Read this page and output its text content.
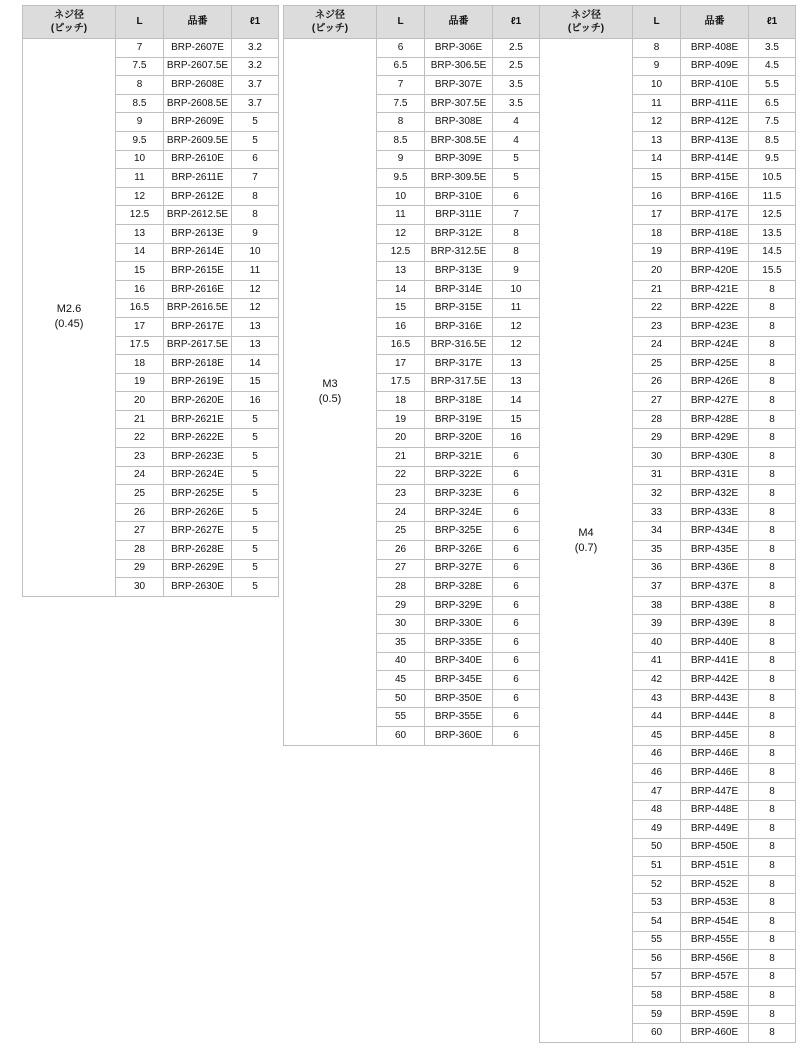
ネジ径
(ピッチ)	L	品番	ℓ1

M2.6
(0.45)	7	BRP-2607E	3.2
	7.5	BRP-2607.5E	3.2
	8	BRP-2608E	3.7
	8.5	BRP-2608.5E	3.7
	9	BRP-2609E	5
	9.5	BRP-2609.5E	5
	10	BRP-2610E	6
	11	BRP-2611E	7
	12	BRP-2612E	8
	12.5	BRP-2612.5E	8
	13	BRP-2613E	9
	14	BRP-2614E	10
	15	BRP-2615E	11
	16	BRP-2616E	12
	16.5	BRP-2616.5E	12
	17	BRP-2617E	13
	17.5	BRP-2617.5E	13
	18	BRP-2618E	14
	19	BRP-2619E	15
	20	BRP-2620E	16
	21	BRP-2621E	5
	22	BRP-2622E	5
	23	BRP-2623E	5
	24	BRP-2624E	5
	25	BRP-2625E	5
	26	BRP-2626E	5
	27	BRP-2627E	5
	28	BRP-2628E	5
	29	BRP-2629E	5
	30	BRP-2630E	5
ネジ径
(ピッチ)	L	品番	ℓ1

M3
(0.5)	6	BRP-306E	2.5
	6.5	BRP-306.5E	2.5
	7	BRP-307E	3.5
	7.5	BRP-307.5E	3.5
	8	BRP-308E	4
	8.5	BRP-308.5E	4
	9	BRP-309E	5
	9.5	BRP-309.5E	5
	10	BRP-310E	6
	11	BRP-311E	7
	12	BRP-312E	8
	12.5	BRP-312.5E	8
	13	BRP-313E	9
	14	BRP-314E	10
	15	BRP-315E	11
	16	BRP-316E	12
	16.5	BRP-316.5E	12
	17	BRP-317E	13
	17.5	BRP-317.5E	13
	18	BRP-318E	14
	19	BRP-319E	15
	20	BRP-320E	16
	21	BRP-321E	6
	22	BRP-322E	6
	23	BRP-323E	6
	24	BRP-324E	6
	25	BRP-325E	6
	26	BRP-326E	6
	27	BRP-327E	6
	28	BRP-328E	6
	29	BRP-329E	6
	30	BRP-330E	6
	35	BRP-335E	6
	40	BRP-340E	6
	45	BRP-345E	6
	50	BRP-350E	6
	55	BRP-355E	6
	60	BRP-360E	6
ネジ径
(ピッチ)	L	品番	ℓ1

M4
(0.7)	8	BRP-408E	3.5
	9	BRP-409E	4.5
	10	BRP-410E	5.5
	11	BRP-411E	6.5
	12	BRP-412E	7.5
	13	BRP-413E	8.5
	14	BRP-414E	9.5
	15	BRP-415E	10.5
	16	BRP-416E	11.5
	17	BRP-417E	12.5
	18	BRP-418E	13.5
	19	BRP-419E	14.5
	20	BRP-420E	15.5
	21	BRP-421E	8
	22	BRP-422E	8
	23	BRP-423E	8
	24	BRP-424E	8
	25	BRP-425E	8
	26	BRP-426E	8
	27	BRP-427E	8
	28	BRP-428E	8
	29	BRP-429E	8
	30	BRP-430E	8
	31	BRP-431E	8
	32	BRP-432E	8
	33	BRP-433E	8
	34	BRP-434E	8
	35	BRP-435E	8
	36	BRP-436E	8
	37	BRP-437E	8
	38	BRP-438E	8
	39	BRP-439E	8
	40	BRP-440E	8
	41	BRP-441E	8
	42	BRP-442E	8
	43	BRP-443E	8
	44	BRP-444E	8
	45	BRP-445E	8
	46	BRP-446E	8
	46	BRP-446E	8
	47	BRP-447E	8
	48	BRP-448E	8
	49	BRP-449E	8
	50	BRP-450E	8
	51	BRP-451E	8
	52	BRP-452E	8
	53	BRP-453E	8
	54	BRP-454E	8
	55	BRP-455E	8
	56	BRP-456E	8
	57	BRP-457E	8
	58	BRP-458E	8
	59	BRP-459E	8
	60	BRP-460E	8
